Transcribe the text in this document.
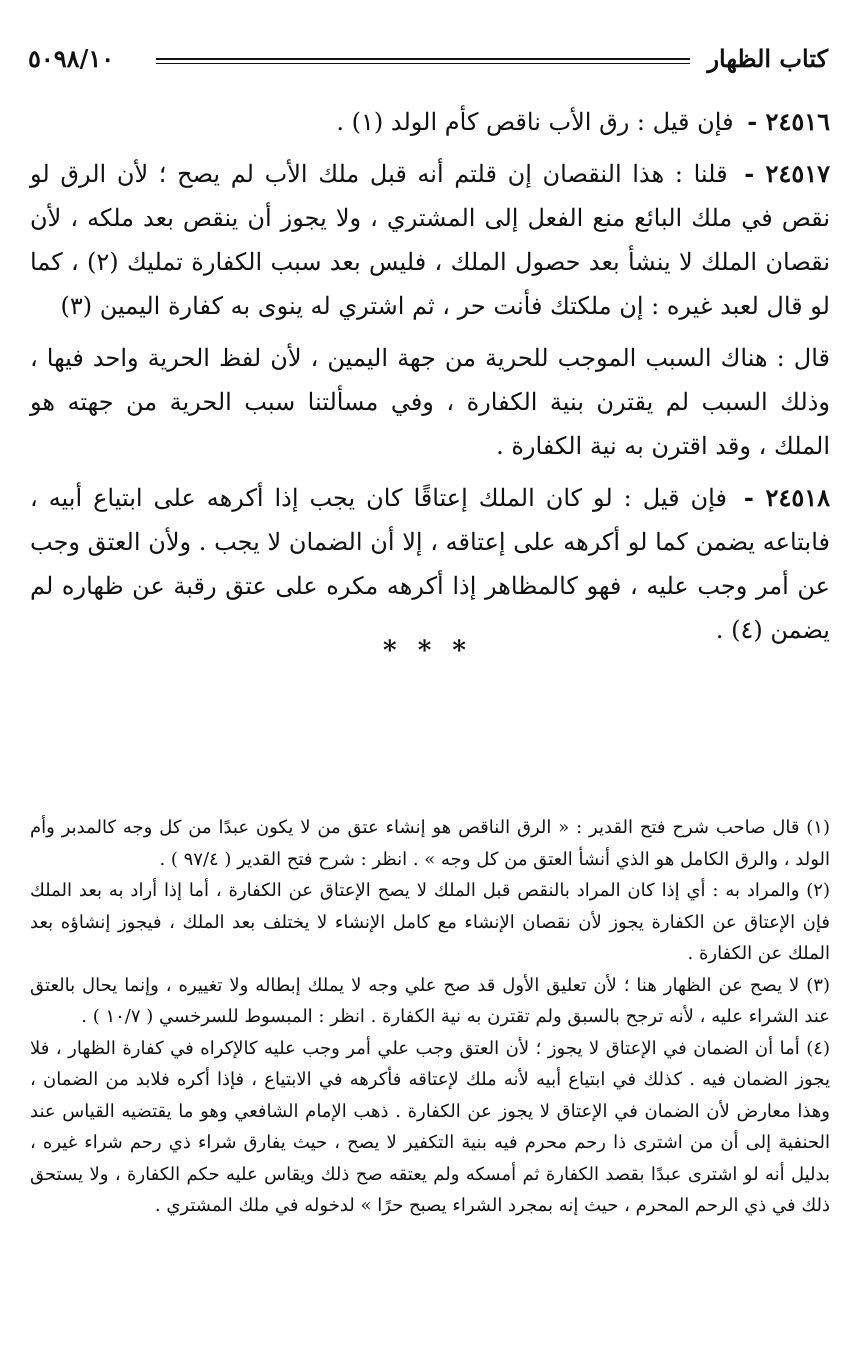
٥٠٩٨/١٠	كتاب الظهار

٢٤٥١٦ - فإن قيل : رق الأب ناقص كأم الولد (١) .

٢٤٥١٧ - قلنا : هذا النقصان إن قلتم أنه قبل ملك الأب لم يصح ؛ لأن الرق لو نقص في ملك البائع منع الفعل إلى المشتري ، ولا يجوز أن ينقص بعد ملكه ، لأن نقصان الملك لا ينشأ بعد حصول الملك ، فليس بعد سبب الكفارة تمليك (٢) ، كما لو قال لعبد غيره : إن ملكتك فأنت حر ، ثم اشتري له ينوى به كفارة اليمين (٣)

قال : هناك السبب الموجب للحرية من جهة اليمين ، لأن لفظ الحرية واحد فيها ، وذلك السبب لم يقترن بنية الكفارة ، وفي مسألتنا سبب الحرية من جهته هو الملك ، وقد اقترن به نية الكفارة .

٢٤٥١٨ - فإن قيل : لو كان الملك إعتاقًا كان يجب إذا أكرهه على ابتياع أبيه ، فابتاعه يضمن كما لو أكرهه على إعتاقه ، إلا أن الضمان لا يجب . ولأن العتق وجب عن أمر وجب عليه ، فهو كالمظاهر إذا أكرهه مكره على عتق رقبة عن ظهاره لم يضمن (٤) .

* * *

(١) قال صاحب شرح فتح القدير : « الرق الناقص هو إنشاء عتق من لا يكون عبدًا من كل وجه كالمدبر وأم الولد ، والرق الكامل هو الذي أنشأ العتق من كل وجه » . انظر : شرح فتح القدير ( ٩٧/٤ ) .

(٢) والمراد به : أي إذا كان المراد بالنقص قبل الملك لا يصح الإعتاق عن الكفارة ، أما إذا أراد به بعد الملك فإن الإعتاق عن الكفارة يجوز لأن نقصان الإنشاء مع كامل الإنشاء لا يختلف بعد الملك ، فيجوز إنشاؤه بعد الملك عن الكفارة .

(٣) لا يصح عن الظهار هنا ؛ لأن تعليق الأول قد صح علي وجه لا يملك إبطاله ولا تغييره ، وإنما يحال بالعتق عند الشراء عليه ، لأنه ترجح بالسبق ولم تقترن به نية الكفارة . انظر : المبسوط للسرخسي ( ١٠/٧ ) .

(٤) أما أن الضمان في الإعتاق لا يجوز ؛ لأن العتق وجب علي أمر وجب عليه كالإكراه في كفارة الظهار ، فلا يجوز الضمان فيه . كذلك في ابتياع أبيه لأنه ملك لإعتاقه فأكرهه في الابتياع ، فإذا أكره فلابد من الضمان ، وهذا معارض لأن الضمان في الإعتاق لا يجوز عن الكفارة . ذهب الإمام الشافعي وهو ما يقتضيه القياس عند الحنفية إلى أن من اشترى ذا رحم محرم فيه بنية التكفير لا يصح ، حيث يفارق شراء ذي رحم شراء غيره ، بدليل أنه لو اشترى عبدًا بقصد الكفارة ثم أمسكه ولم يعتقه صح ذلك ويقاس عليه حكم الكفارة ، ولا يستحق ذلك في ذي الرحم المحرم ، حيث إنه بمجرد الشراء يصبح حرًا » لدخوله في ملك المشتري .
